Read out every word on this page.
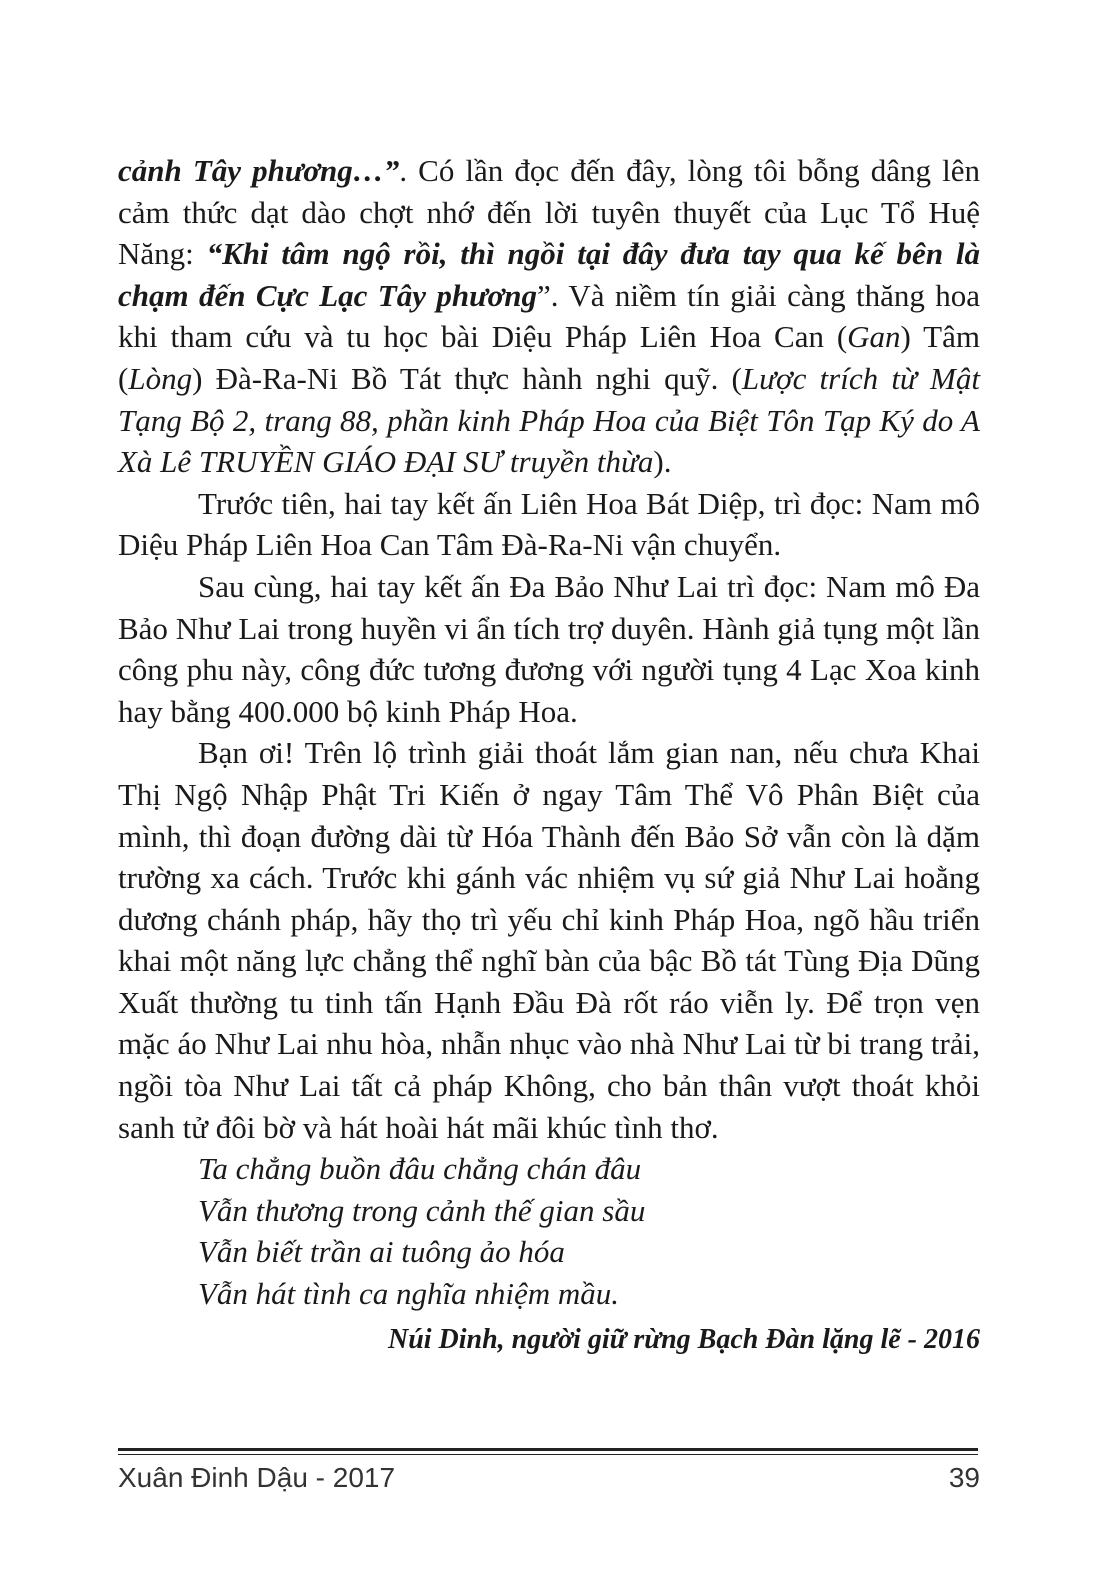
cảnh Tây phương…”. Có lần đọc đến đây, lòng tôi bỗng dâng lên cảm thức dạt dào chợt nhớ đến lời tuyên thuyết của Lục Tổ Huệ Năng: “Khi tâm ngộ rồi, thì ngồi tại đây đưa tay qua kế bên là chạm đến Cực Lạc Tây phương”. Và niềm tín giải càng thăng hoa khi tham cứu và tu học bài Diệu Pháp Liên Hoa Can (Gan) Tâm (Lòng) Đà-Ra-Ni Bồ Tát thực hành nghi quỹ. (Lược trích từ Mật Tạng Bộ 2, trang 88, phần kinh Pháp Hoa của Biệt Tôn Tạp Ký do A Xà Lê TRUYỀN GIÁO ĐẠI SƯ truyền thừa).

Trước tiên, hai tay kết ấn Liên Hoa Bát Diệp, trì đọc: Nam mô Diệu Pháp Liên Hoa Can Tâm Đà-Ra-Ni vận chuyển.

Sau cùng, hai tay kết ấn Đa Bảo Như Lai trì đọc: Nam mô Đa Bảo Như Lai trong huyền vi ẩn tích trợ duyên. Hành giả tụng một lần công phu này, công đức tương đương với người tụng 4 Lạc Xoa kinh hay bằng 400.000 bộ kinh Pháp Hoa.

Bạn ơi! Trên lộ trình giải thoát lắm gian nan, nếu chưa Khai Thị Ngộ Nhập Phật Tri Kiến ở ngay Tâm Thể Vô Phân Biệt của mình, thì đoạn đường dài từ Hóa Thành đến Bảo Sở vẫn còn là dặm trường xa cách. Trước khi gánh vác nhiệm vụ sứ giả Như Lai hoằng dương chánh pháp, hãy thọ trì yếu chỉ kinh Pháp Hoa, ngõ hầu triển khai một năng lực chẳng thể nghĩ bàn của bậc Bồ tát Tùng Địa Dũng Xuất thường tu tinh tấn Hạnh Đầu Đà rốt ráo viễn ly. Để trọn vẹn mặc áo Như Lai nhu hòa, nhẫn nhục vào nhà Như Lai từ bi trang trải, ngồi tòa Như Lai tất cả pháp Không, cho bản thân vượt thoát khỏi sanh tử đôi bờ và hát hoài hát mãi khúc tình thơ.

Ta chẳng buồn đâu chẳng chán đâu
Vẫn thương trong cảnh thế gian sầu
Vẫn biết trần ai tuông ảo hóa
Vẫn hát tình ca nghĩa nhiệm mầu.
Núi Dinh, người giữ rừng Bạch Đàn lặng lẽ - 2016
Xuân Đinh Dậu - 2017	39
